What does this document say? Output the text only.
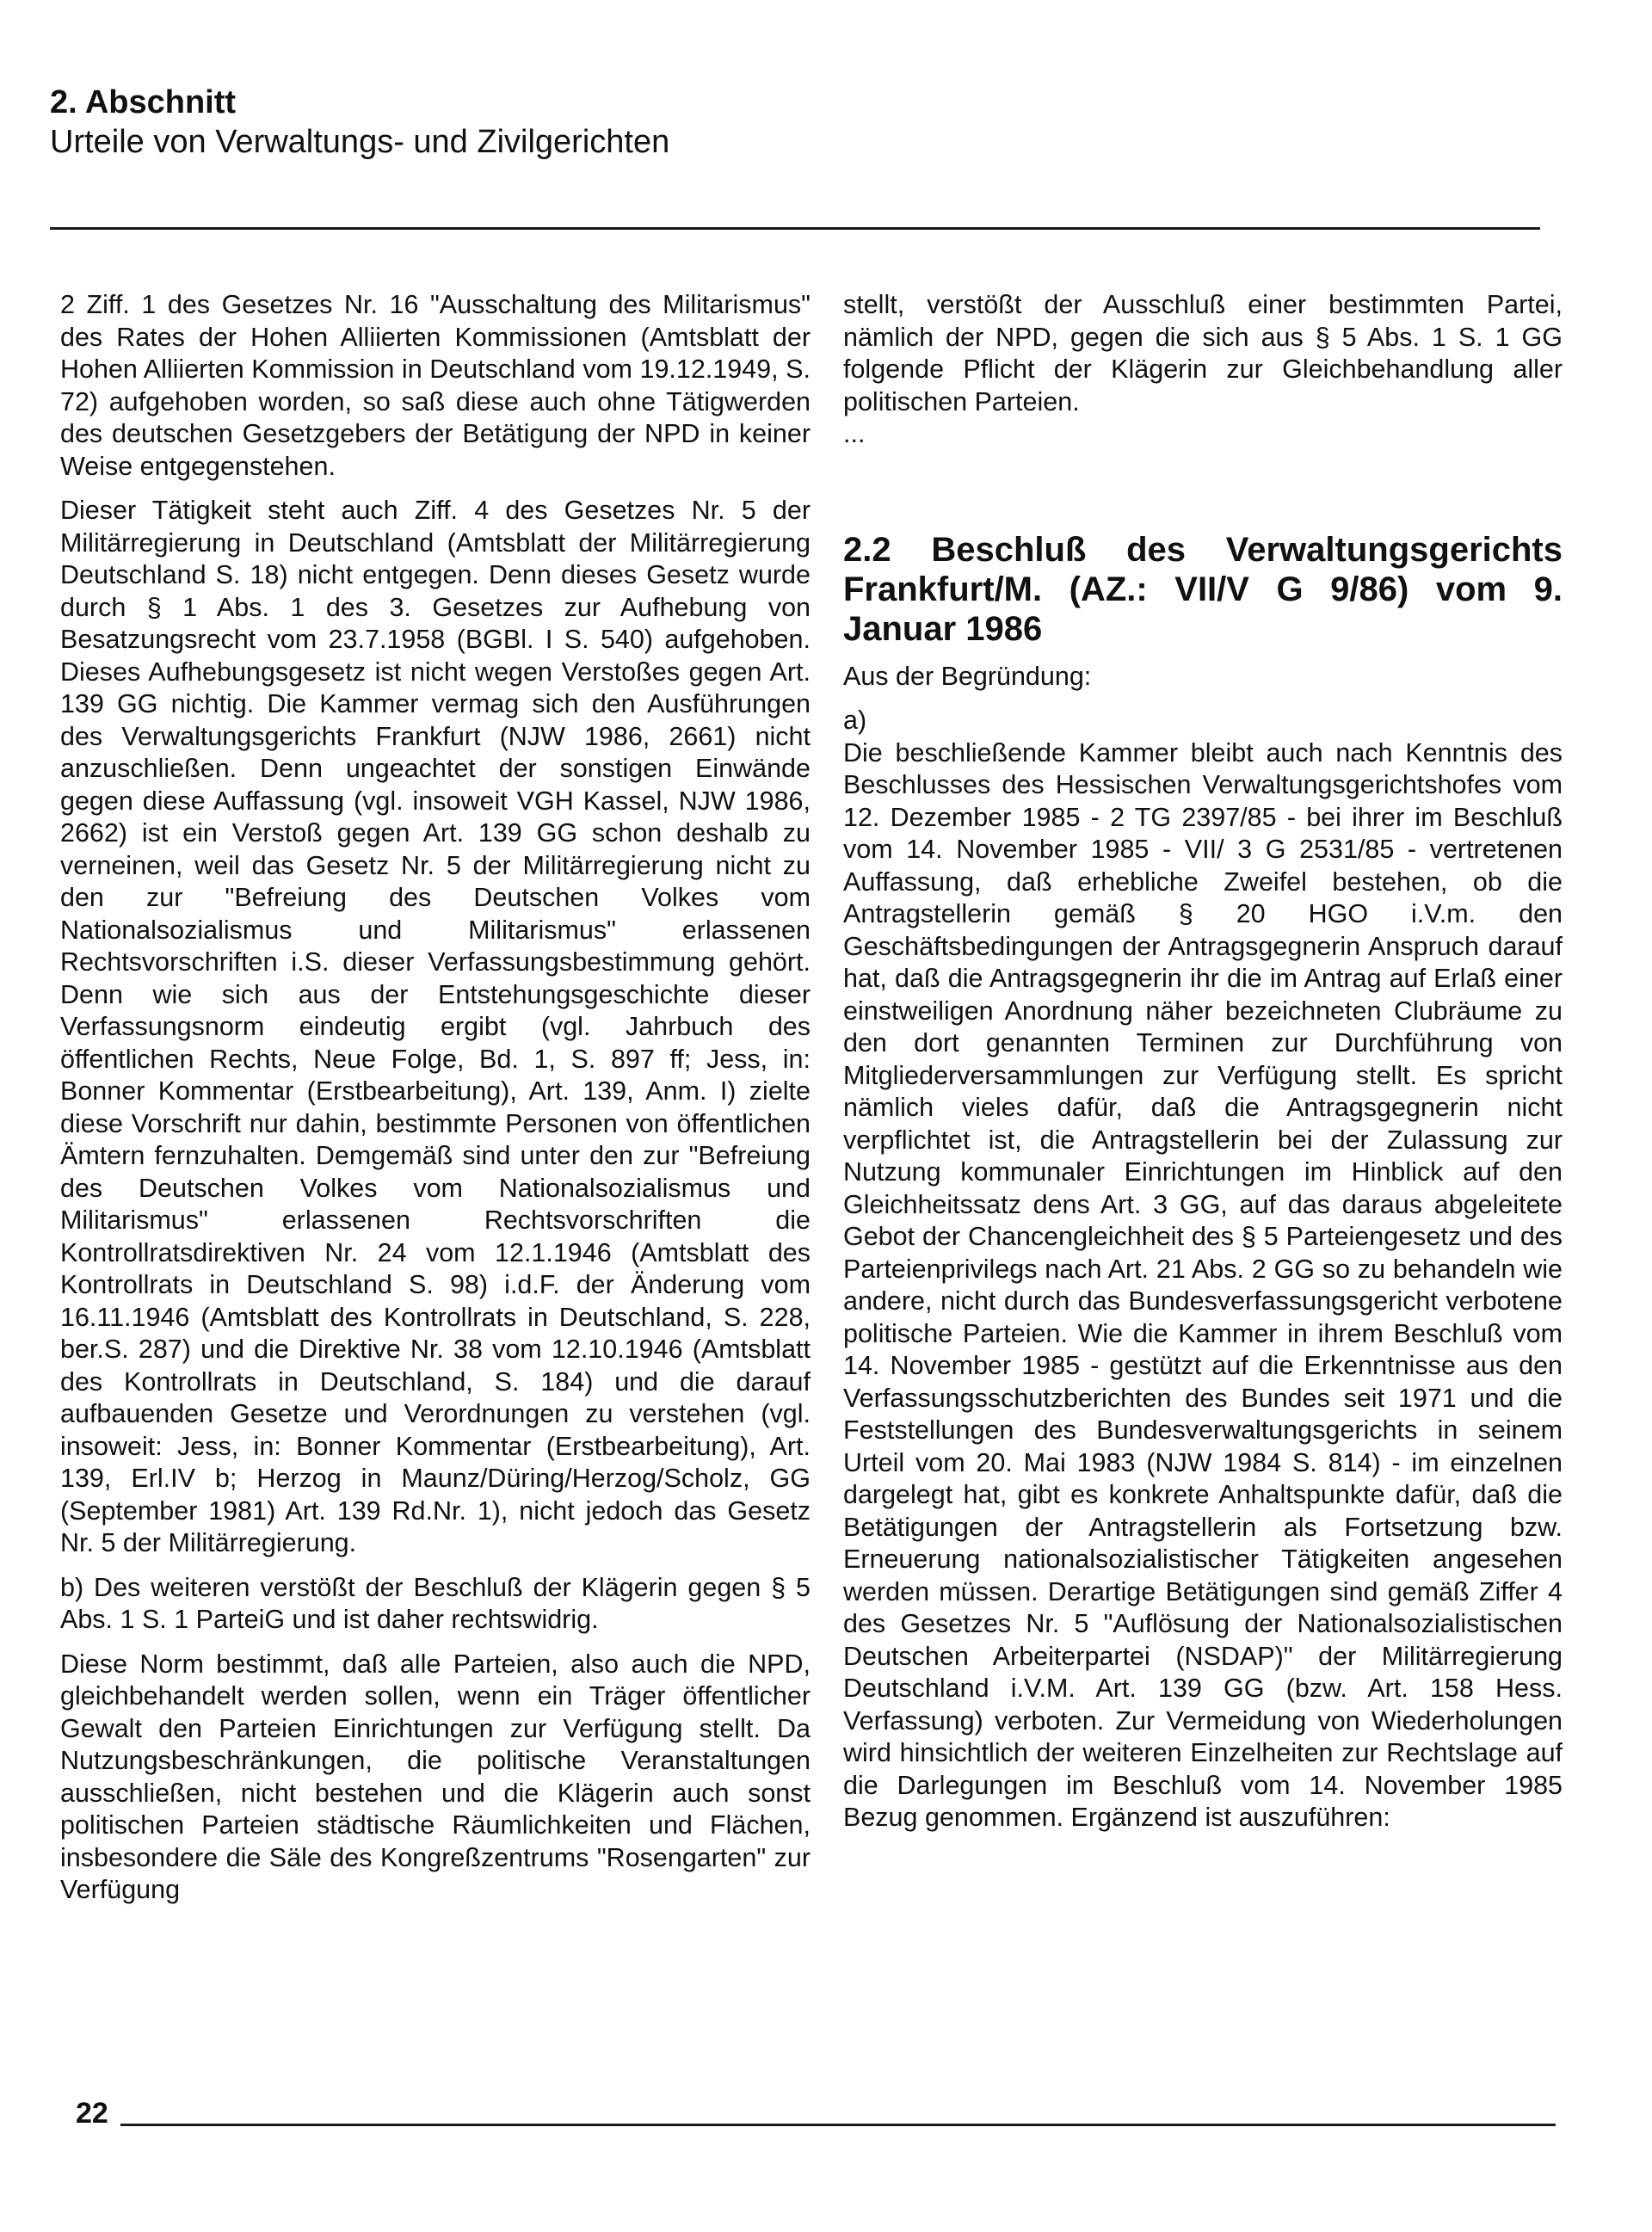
2. Abschnitt

Urteile von Verwaltungs- und Zivilgerichten

2 Ziff. 1 des Gesetzes Nr. 16 "Ausschaltung des Militarismus" des Rates der Hohen Alliierten Kommissionen (Amtsblatt der Hohen Alliierten Kommission in Deutschland vom 19.12.1949, S. 72) aufgehoben worden, so saß diese auch ohne Tätigwerden des deutschen Gesetzgebers der Betätigung der NPD in keiner Weise entgegenstehen.

Dieser Tätigkeit steht auch Ziff. 4 des Gesetzes Nr. 5 der Militärregierung in Deutschland (Amtsblatt der Militärregierung Deutschland S. 18) nicht entgegen. Denn dieses Gesetz wurde durch § 1 Abs. 1 des 3. Gesetzes zur Aufhebung von Besatzungsrecht vom 23.7.1958 (BGBl. I S. 540) aufgehoben. Dieses Aufhebungsgesetz ist nicht wegen Verstoßes gegen Art. 139 GG nichtig. Die Kammer vermag sich den Ausführungen des Verwaltungsgerichts Frankfurt (NJW 1986, 2661) nicht anzuschließen. Denn ungeachtet der sonstigen Einwände gegen diese Auffassung (vgl. insoweit VGH Kassel, NJW 1986, 2662) ist ein Verstoß gegen Art. 139 GG schon deshalb zu verneinen, weil das Gesetz Nr. 5 der Militärregierung nicht zu den zur "Befreiung des Deutschen Volkes vom Nationalsozialismus und Militarismus" erlassenen Rechtsvorschriften i.S. dieser Verfassungsbestimmung gehört. Denn wie sich aus der Entstehungsgeschichte dieser Verfassungsnorm eindeutig ergibt (vgl. Jahrbuch des öffentlichen Rechts, Neue Folge, Bd. 1, S. 897 ff; Jess, in: Bonner Kommentar (Erstbearbeitung), Art. 139, Anm. I) zielte diese Vorschrift nur dahin, bestimmte Personen von öffentlichen Ämtern fernzuhalten. Demgemäß sind unter den zur "Befreiung des Deutschen Volkes vom Nationalsozialismus und Militarismus" erlassenen Rechtsvorschriften die Kontrollratsdirektiven Nr. 24 vom 12.1.1946 (Amtsblatt des Kontrollrats in Deutschland S. 98) i.d.F. der Änderung vom 16.11.1946 (Amtsblatt des Kontrollrats in Deutschland, S. 228, ber.S. 287) und die Direktive Nr. 38 vom 12.10.1946 (Amtsblatt des Kontrollrats in Deutschland, S. 184) und die darauf aufbauenden Gesetze und Verordnungen zu verstehen (vgl. insoweit: Jess, in: Bonner Kommentar (Erstbearbeitung), Art. 139, Erl.IV b; Herzog in Maunz/Düring/Herzog/Scholz, GG (September 1981) Art. 139 Rd.Nr. 1), nicht jedoch das Gesetz Nr. 5 der Militärregierung.

b) Des weiteren verstößt der Beschluß der Klägerin gegen § 5 Abs. 1 S. 1 ParteiG und ist daher rechtswidrig.

Diese Norm bestimmt, daß alle Parteien, also auch die NPD, gleichbehandelt werden sollen, wenn ein Träger öffentlicher Gewalt den Parteien Einrichtungen zur Verfügung stellt. Da Nutzungsbeschränkungen, die politische Veranstaltungen ausschließen, nicht bestehen und die Klägerin auch sonst politischen Parteien städtische Räumlichkeiten und Flächen, insbesondere die Säle des Kongreßzentrums "Rosengarten" zur Verfügung

stellt, verstößt der Ausschluß einer bestimmten Partei, nämlich der NPD, gegen die sich aus § 5 Abs. 1 S. 1 GG folgende Pflicht der Klägerin zur Gleichbehandlung aller politischen Parteien.

...

2.2 Beschluß des Verwaltungsgerichts Frankfurt/M. (AZ.: VII/V G 9/86) vom 9. Januar 1986

Aus der Begründung:

a)

Die beschließende Kammer bleibt auch nach Kenntnis des Beschlusses des Hessischen Verwaltungsgerichtshofes vom 12. Dezember 1985 - 2 TG 2397/85 - bei ihrer im Beschluß vom 14. November 1985 - VII/ 3 G 2531/85 - vertretenen Auffassung, daß erhebliche Zweifel bestehen, ob die Antragstellerin gemäß § 20 HGO i.V.m. den Geschäftsbedingungen der Antragsgegnerin Anspruch darauf hat, daß die Antragsgegnerin ihr die im Antrag auf Erlaß einer einstweiligen Anordnung näher bezeichneten Clubräume zu den dort genannten Terminen zur Durchführung von Mitgliederversammlungen zur Verfügung stellt. Es spricht nämlich vieles dafür, daß die Antragsgegnerin nicht verpflichtet ist, die Antragstellerin bei der Zulassung zur Nutzung kommunaler Einrichtungen im Hinblick auf den Gleichheitssatz dens Art. 3 GG, auf das daraus abgeleitete Gebot der Chancengleichheit des § 5 Parteiengesetz und des Parteienprivilegs nach Art. 21 Abs. 2 GG so zu behandeln wie andere, nicht durch das Bundesverfassungsgericht verbotene politische Parteien. Wie die Kammer in ihrem Beschluß vom 14. November 1985 - gestützt auf die Erkenntnisse aus den Verfassungsschutzberichten des Bundes seit 1971 und die Feststellungen des Bundesverwaltungsgerichts in seinem Urteil vom 20. Mai 1983 (NJW 1984 S. 814) - im einzelnen dargelegt hat, gibt es konkrete Anhaltspunkte dafür, daß die Betätigungen der Antragstellerin als Fortsetzung bzw. Erneuerung nationalsozialistischer Tätigkeiten angesehen werden müssen. Derartige Betätigungen sind gemäß Ziffer 4 des Gesetzes Nr. 5 "Auflösung der Nationalsozialistischen Deutschen Arbeiterpartei (NSDAP)" der Militärregierung Deutschland i.V.M. Art. 139 GG (bzw. Art. 158 Hess. Verfassung) verboten. Zur Vermeidung von Wiederholungen wird hinsichtlich der weiteren Einzelheiten zur Rechtslage auf die Darlegungen im Beschluß vom 14. November 1985 Bezug genommen. Ergänzend ist auszuführen:

22
